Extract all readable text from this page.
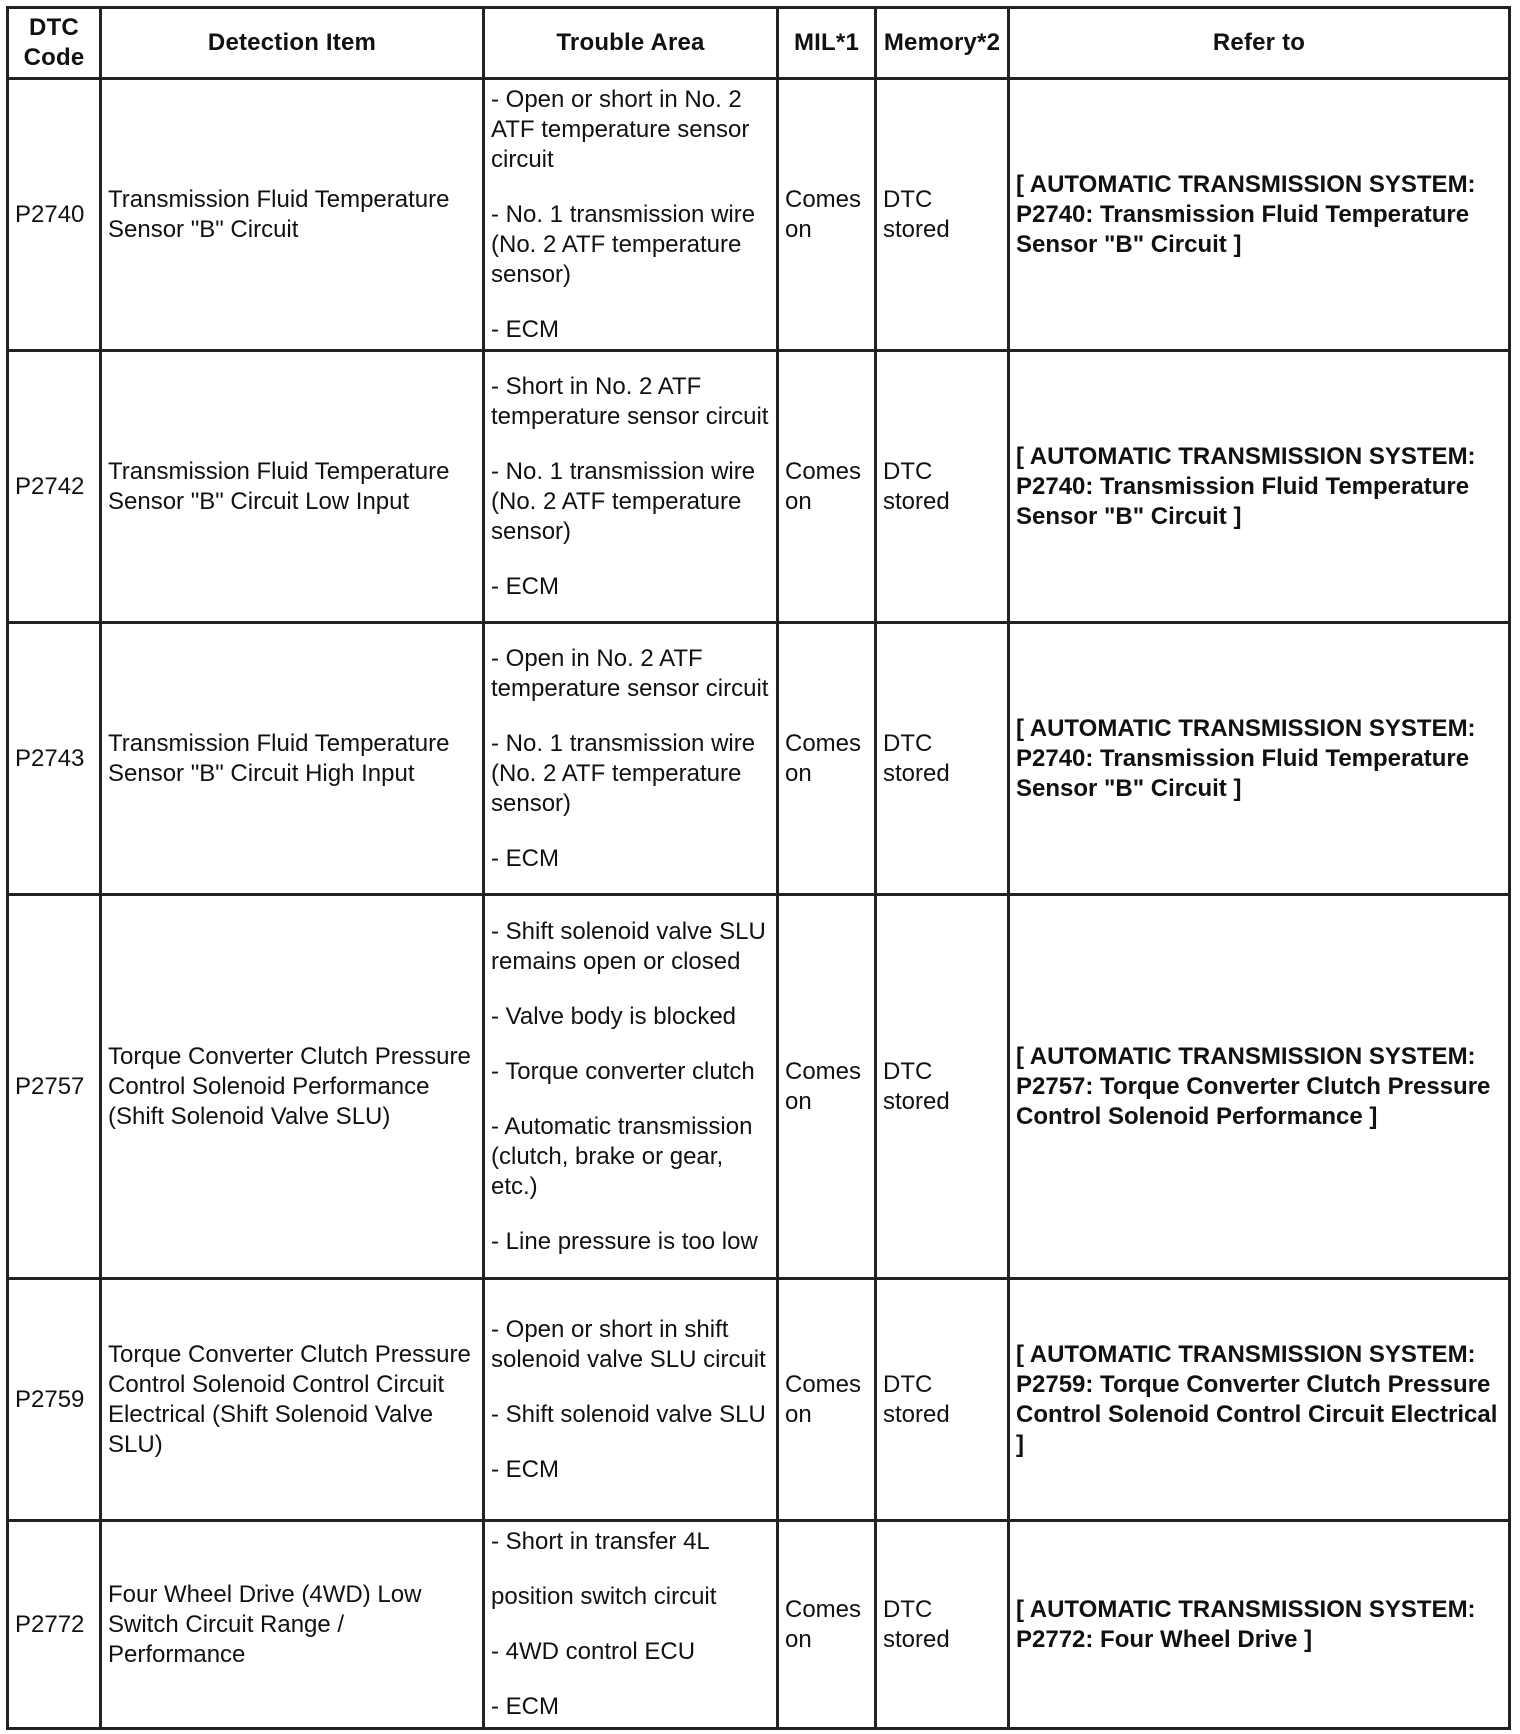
DTC
Code	Detection Item	Trouble Area	MIL*1	Memory*2	Refer to
P2740	Transmission Fluid Temperature Sensor "B" Circuit	- Open or short in No. 2 ATF temperature sensor circuit
- No. 1 transmission wire (No. 2 ATF temperature sensor)
- ECM	Comes on	DTC stored	[ AUTOMATIC TRANSMISSION SYSTEM: P2740: Transmission Fluid Temperature Sensor "B" Circuit ]
P2742	Transmission Fluid Temperature Sensor "B" Circuit Low Input	- Short in No. 2 ATF temperature sensor circuit
- No. 1 transmission wire (No. 2 ATF temperature sensor)
- ECM	Comes on	DTC stored	[ AUTOMATIC TRANSMISSION SYSTEM: P2740: Transmission Fluid Temperature Sensor "B" Circuit ]
P2743	Transmission Fluid Temperature Sensor "B" Circuit High Input	- Open in No. 2 ATF temperature sensor circuit
- No. 1 transmission wire (No. 2 ATF temperature sensor)
- ECM	Comes on	DTC stored	[ AUTOMATIC TRANSMISSION SYSTEM: P2740: Transmission Fluid Temperature Sensor "B" Circuit ]
P2757	Torque Converter Clutch Pressure Control Solenoid Performance (Shift Solenoid Valve SLU)	- Shift solenoid valve SLU remains open or closed
- Valve body is blocked
- Torque converter clutch
- Automatic transmission (clutch, brake or gear, etc.)
- Line pressure is too low	Comes on	DTC stored	[ AUTOMATIC TRANSMISSION SYSTEM: P2757: Torque Converter Clutch Pressure Control Solenoid Performance ]
P2759	Torque Converter Clutch Pressure Control Solenoid Control Circuit Electrical (Shift Solenoid Valve SLU)	- Open or short in shift solenoid valve SLU circuit
- Shift solenoid valve SLU
- ECM	Comes on	DTC stored	[ AUTOMATIC TRANSMISSION SYSTEM: P2759: Torque Converter Clutch Pressure Control Solenoid Control Circuit Electrical ]
P2772	Four Wheel Drive (4WD) Low Switch Circuit Range / Performance	- Short in transfer 4L
position switch circuit
- 4WD control ECU
- ECM	Comes on	DTC stored	[ AUTOMATIC TRANSMISSION SYSTEM: P2772: Four Wheel Drive ]
